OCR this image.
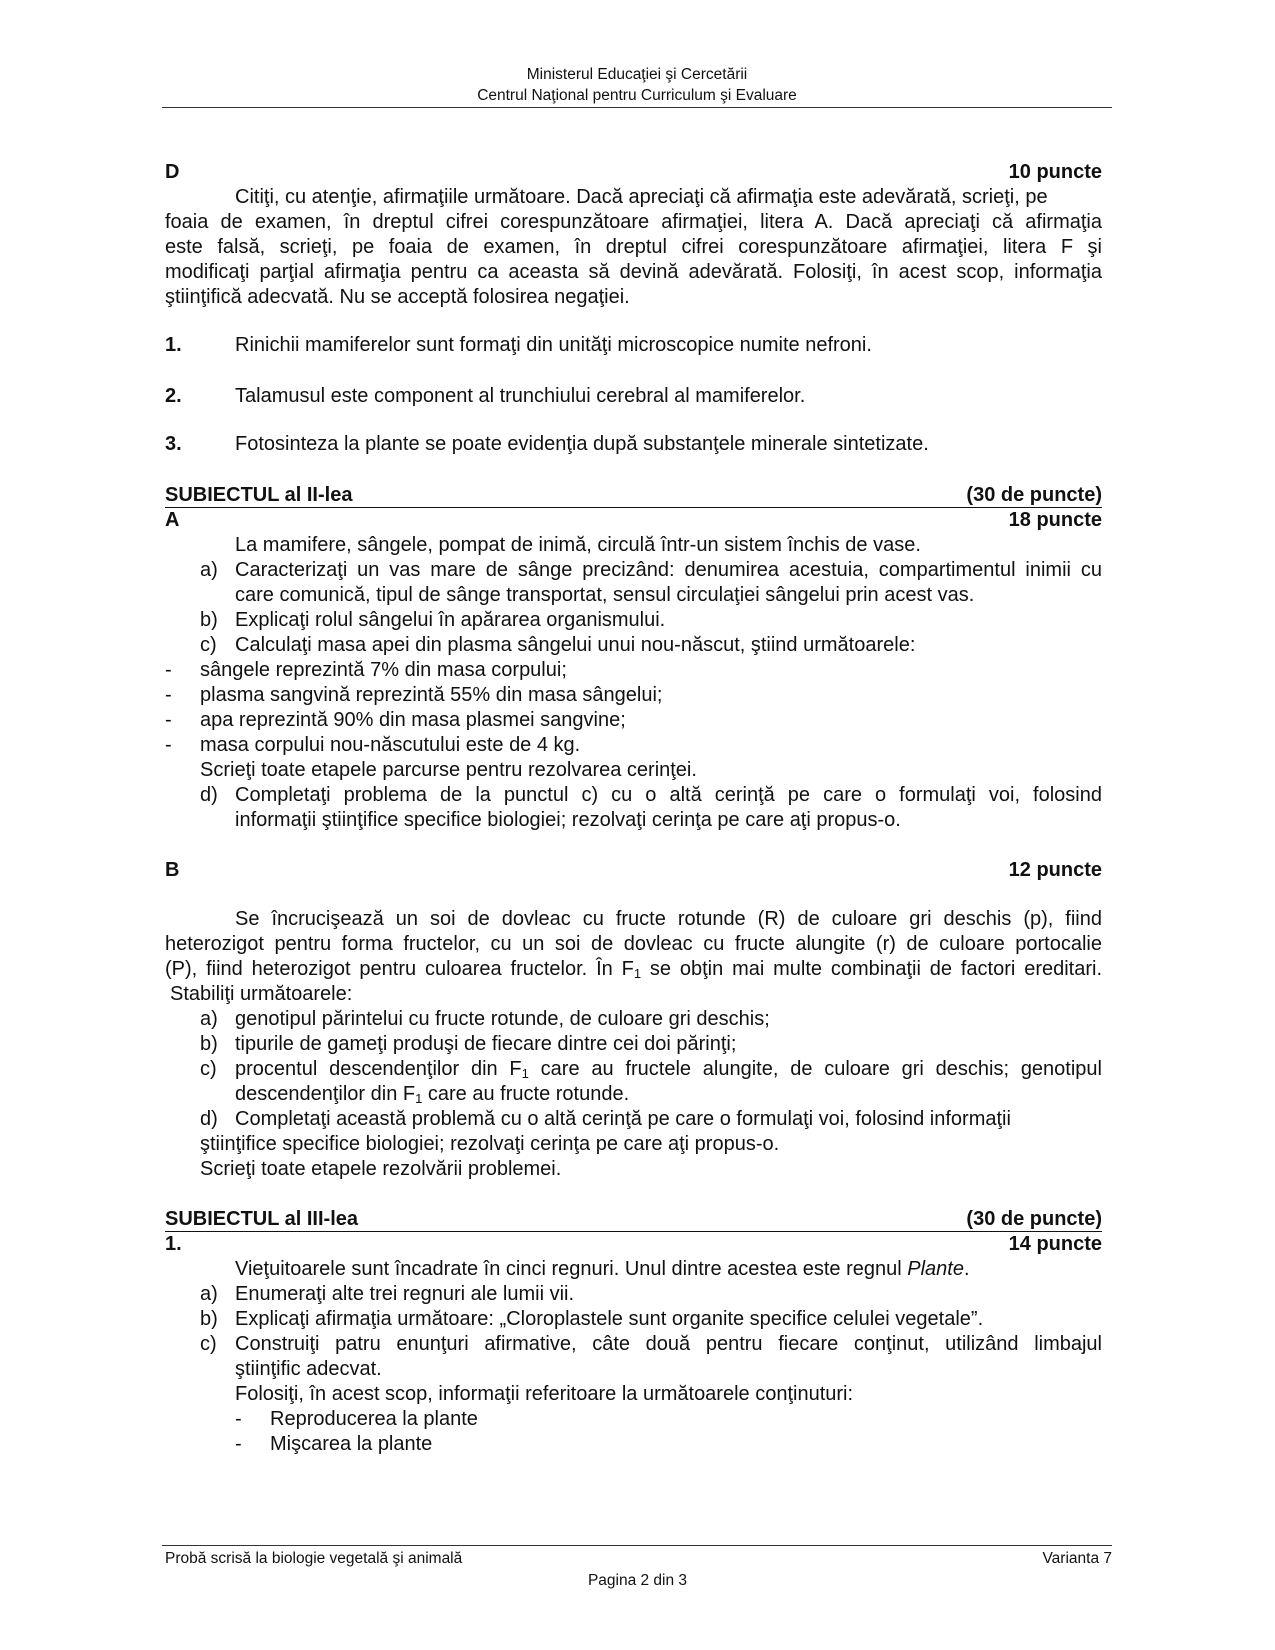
Ministerul Educaţiei şi Cercetării
Centrul Naţional pentru Curriculum şi Evaluare
D	10 puncte
Citiţi, cu atenţie, afirmaţiile următoare. Dacă apreciaţi că afirmaţia este adevărată, scrieţi, pe
foaia de examen, în dreptul cifrei corespunzătoare afirmaţiei, litera A. Dacă apreciaţi că afirmaţia
este falsă, scrieţi, pe foaia de examen, în dreptul cifrei corespunzătoare afirmaţiei, litera F şi
modificaţi parţial afirmaţia pentru ca aceasta să devină adevărată. Folosiţi, în acest scop, informaţia
ştiinţifică adecvată. Nu se acceptă folosirea negaţiei.
1.	Rinichii mamiferelor sunt formaţi din unităţi microscopice numite nefroni.
2.	Talamusul este component al trunchiului cerebral al mamiferelor.
3.	Fotosinteza la plante se poate evidenţia după substanţele minerale sintetizate.
SUBIECTUL al II-lea	(30 de puncte)
A	18 puncte
La mamifere, sângele, pompat de inimă, circulă într-un sistem închis de vase.
a) Caracterizaţi un vas mare de sânge precizând: denumirea acestuia, compartimentul inimii cu
care comunică, tipul de sânge transportat, sensul circulaţiei sângelui prin acest vas.
b) Explicaţi rolul sângelui în apărarea organismului.
c) Calculaţi masa apei din plasma sângelui unui nou-născut, ştiind următoarele:
- sângele reprezintă 7% din masa corpului;
- plasma sangvină reprezintă 55% din masa sângelui;
- apa reprezintă 90% din masa plasmei sangvine;
- masa corpului nou-născutului este de 4 kg.
Scrieţi toate etapele parcurse pentru rezolvarea cerinţei.
d) Completaţi problema de la punctul c) cu o altă cerinţă pe care o formulaţi voi, folosind
informaţii ştiinţifice specifice biologiei; rezolvaţi cerinţa pe care aţi propus-o.
B	12 puncte
Se încrucişează un soi de dovleac cu fructe rotunde (R) de culoare gri deschis (p), fiind
heterozigot pentru forma fructelor, cu un soi de dovleac cu fructe alungite (r) de culoare portocalie
(P), fiind heterozigot pentru culoarea fructelor. În $F_1$ se obţin mai multe combinaţii de factori ereditari.
Stabiliţi următoarele:
a) genotipul părintelui cu fructe rotunde, de culoare gri deschis;
b) tipurile de gameţi produşi de fiecare dintre cei doi părinţi;
c) procentul descendenţilor din $F_1$ care au fructele alungite, de culoare gri deschis; genotipul
descendenţilor din $F_1$ care au fructe rotunde.
d) Completaţi această problemă cu o altă cerinţă pe care o formulaţi voi, folosind informaţii
ştiinţifice specifice biologiei; rezolvaţi cerinţa pe care aţi propus-o.
Scrieţi toate etapele rezolvării problemei.
SUBIECTUL al III-lea	(30 de puncte)
1.	14 puncte
Vieţuitoarele sunt încadrate în cinci regnuri. Unul dintre acestea este regnul Plante.
a) Enumeraţi alte trei regnuri ale lumii vii.
b) Explicaţi afirmaţia următoare: „Cloroplastele sunt organite specifice celulei vegetale”.
c) Construiţi patru enunţuri afirmative, câte două pentru fiecare conţinut, utilizând limbajul
ştiinţific adecvat.
Folosiţi, în acest scop, informaţii referitoare la următoarele conţinuturi:
- Reproducerea la plante
- Mişcarea la plante
Probă scrisă la biologie vegetală şi animală	Varianta 7
Pagina 2 din 3
